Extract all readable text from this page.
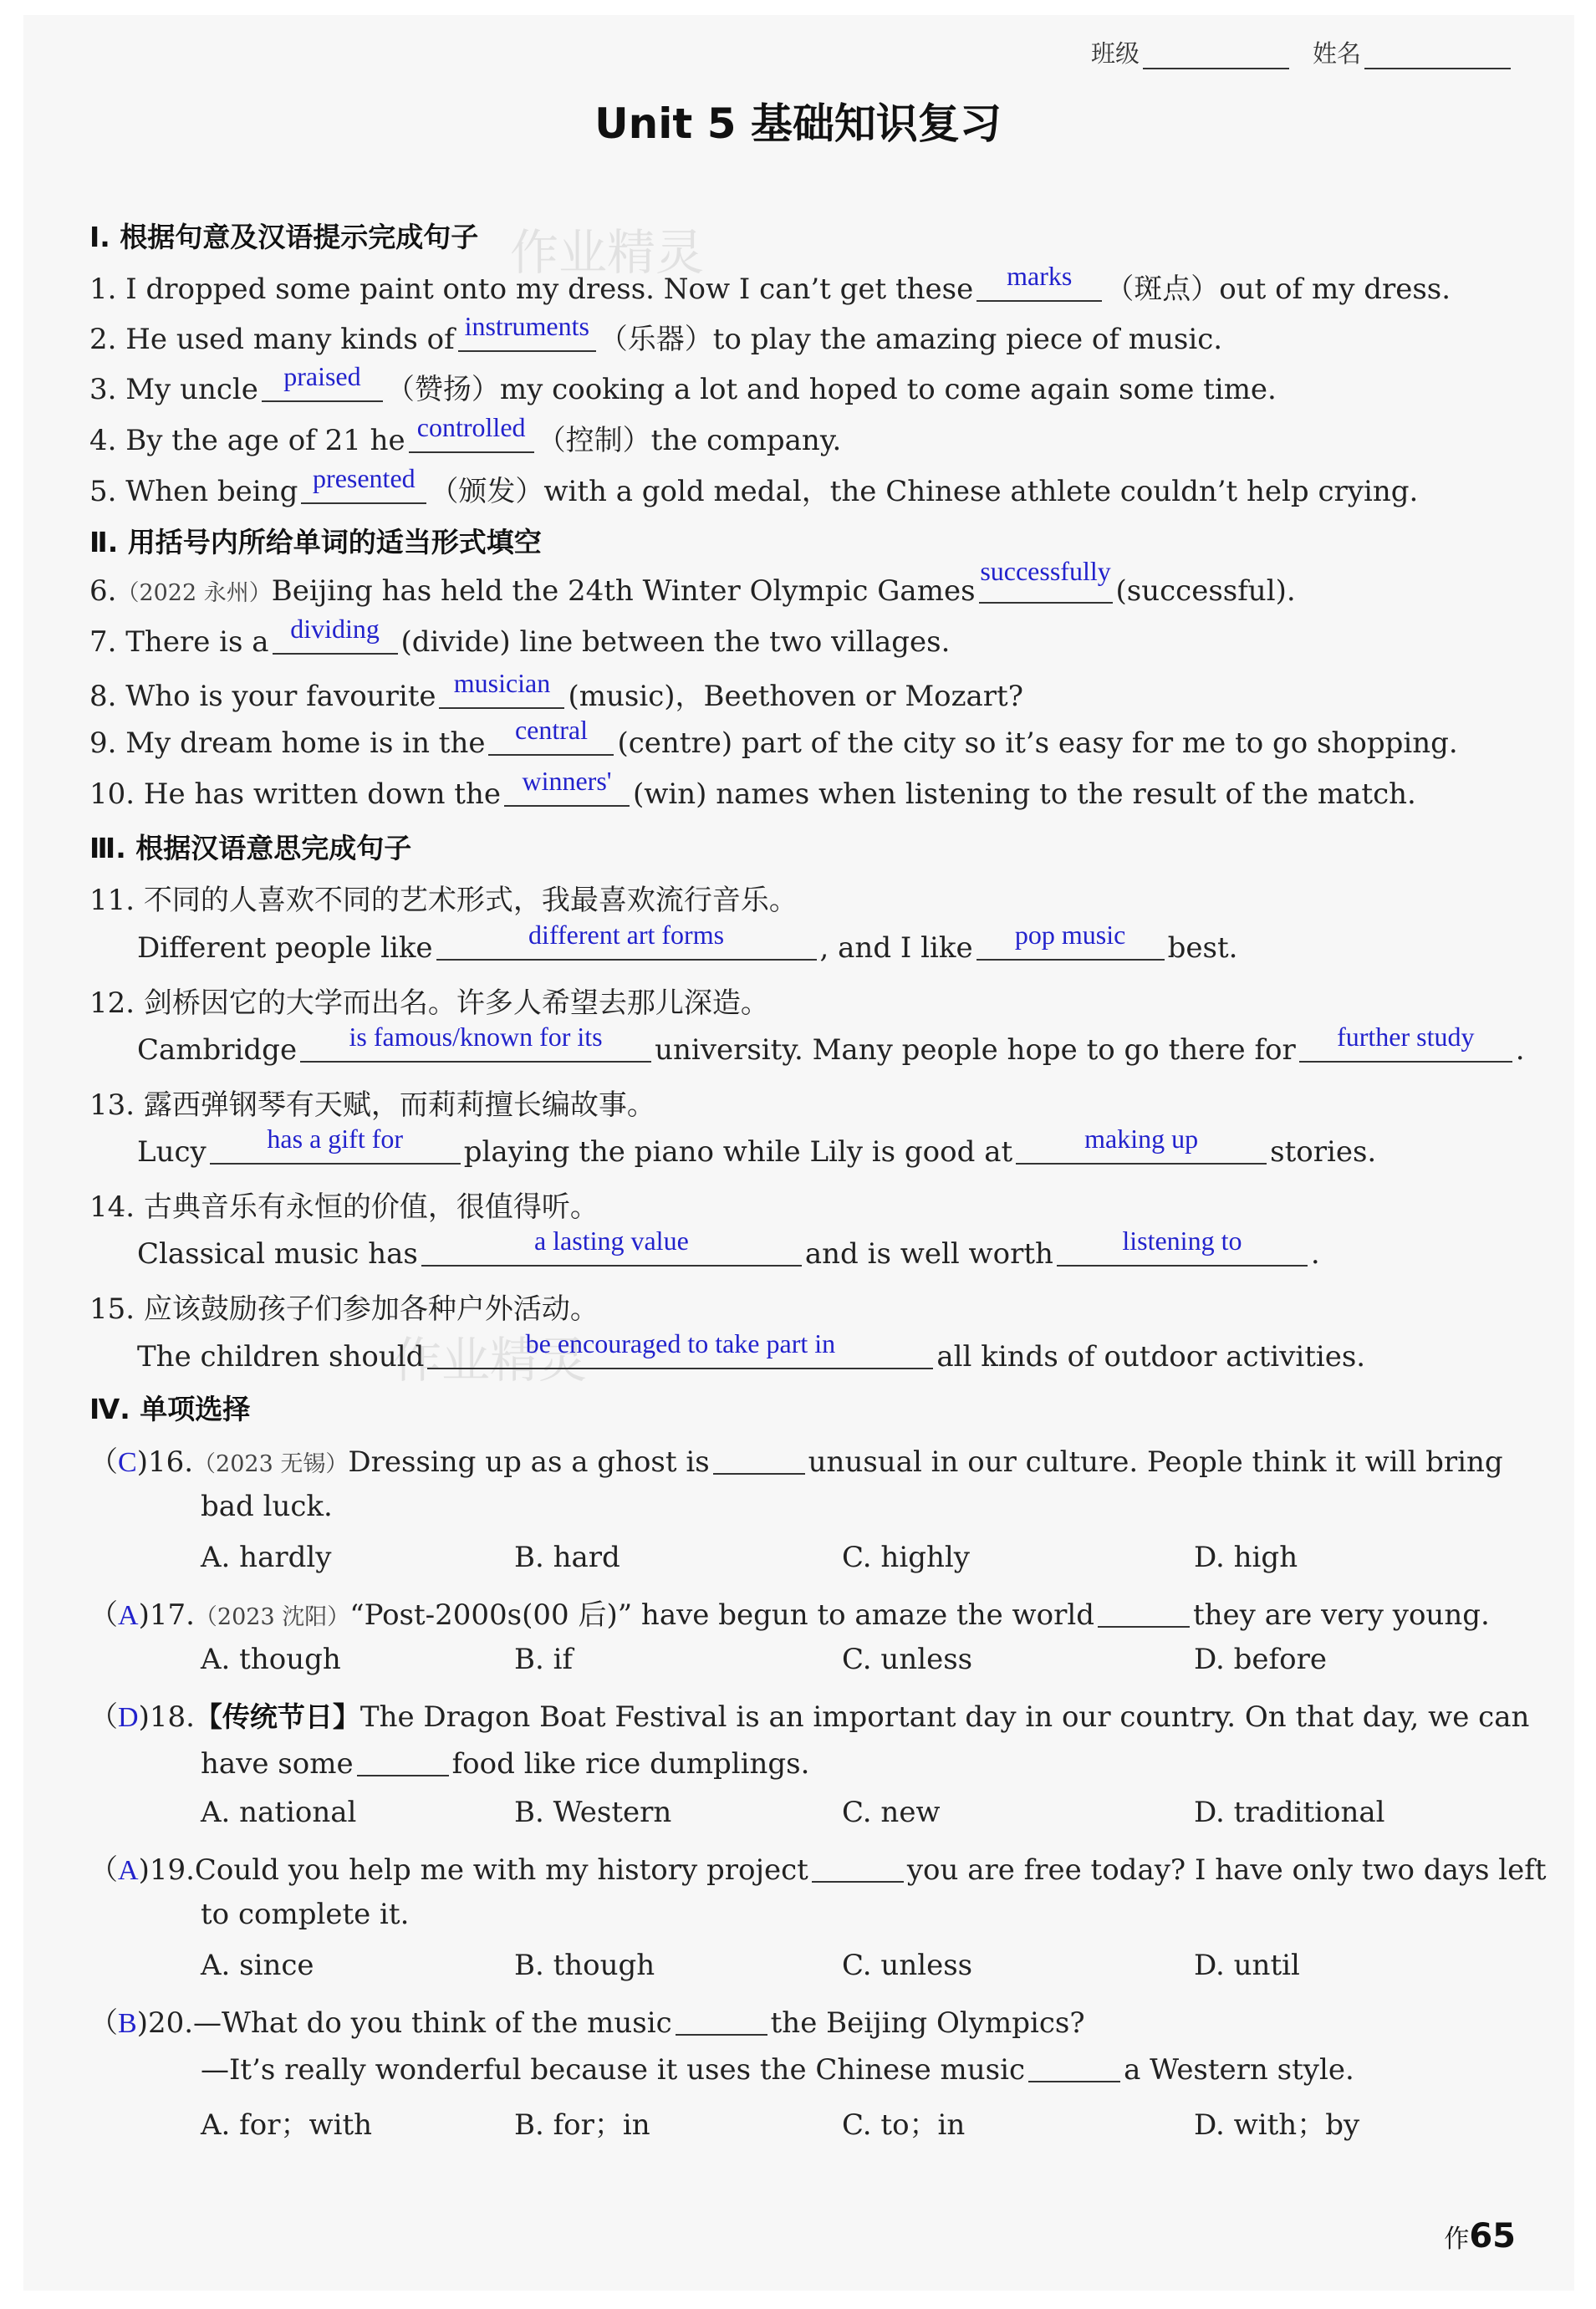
作业精灵
作业精灵
班级	姓名
Unit 5 基础知识复习
Ⅰ. 根据句意及汉语提示完成句子
1. I dropped some paint onto my dress. Now I can’t get these	marks	（斑点）out of my dress.
2. He used many kinds of instruments （乐器）to play the amazing piece of music.
3. My uncle praised （赞扬）my cooking a lot and hoped to come again some time.
4. By the age of 21 he controlled （控制）the company.
5. When being presented （颁发）with a gold medal，the Chinese athlete couldn’t help crying.
Ⅱ. 用括号内所给单词的适当形式填空
6.（2022 永州）Beijing has held the 24th Winter Olympic Games
successfully
(successful).
7. There is a dividing (divide) line between the two villages.
8. Who is your favourite musician (music)，Beethoven or Mozart?
9. My dream home is in the	central	(centre) part of the city so it’s easy for me to go shopping.
10. He has written down the winners' (win) names when listening to the result of the match.
Ⅲ. 根据汉语意思完成句子
11. 不同的人喜欢不同的艺术形式，我最喜欢流行音乐。
Different people like	different art forms	, and I like	pop music	best.
12. 剑桥因它的大学而出名。许多人希望去那儿深造。
Cambridge	is famous/known for its	university. Many people hope to go there for	further study	.
13. 露西弹钢琴有天赋，而莉莉擅长编故事。
Lucy	has a gift for	playing the piano while Lily is good at	making up	stories.
14. 古典音乐有永恒的价值，很值得听。
Classical music has	a lasting value	and is well worth	listening to	.
15. 应该鼓励孩子们参加各种户外活动。
The children should	be encouraged to take part in	all kinds of outdoor activities.
Ⅳ. 单项选择
（C)16.（2023 无锡）Dressing up as a ghost is	unusual in our culture. People think it will bring
bad luck.
A. hardly	B. hard	C. highly	D. high
（A)17.（2023 沈阳）“Post-2000s(00 后)” have begun to amaze the world	they are very young.
A. though	B. if	C. unless	D. before
（D)18.【传统节日】The Dragon Boat Festival is an important day in our country. On that day, we can
have some	food like rice dumplings.
A. national	B. Western	C. new	D. traditional
（A)19.Could you help me with my history project	you are free today? I have only two days left
to complete it.
A. since	B. though	C. unless	D. until
（B)20.—What do you think of the music	the Beijing Olympics?
—It’s really wonderful because it uses the Chinese music	a Western style.
A. for；with	B. for；in	C. to；in	D. with；by
作65
